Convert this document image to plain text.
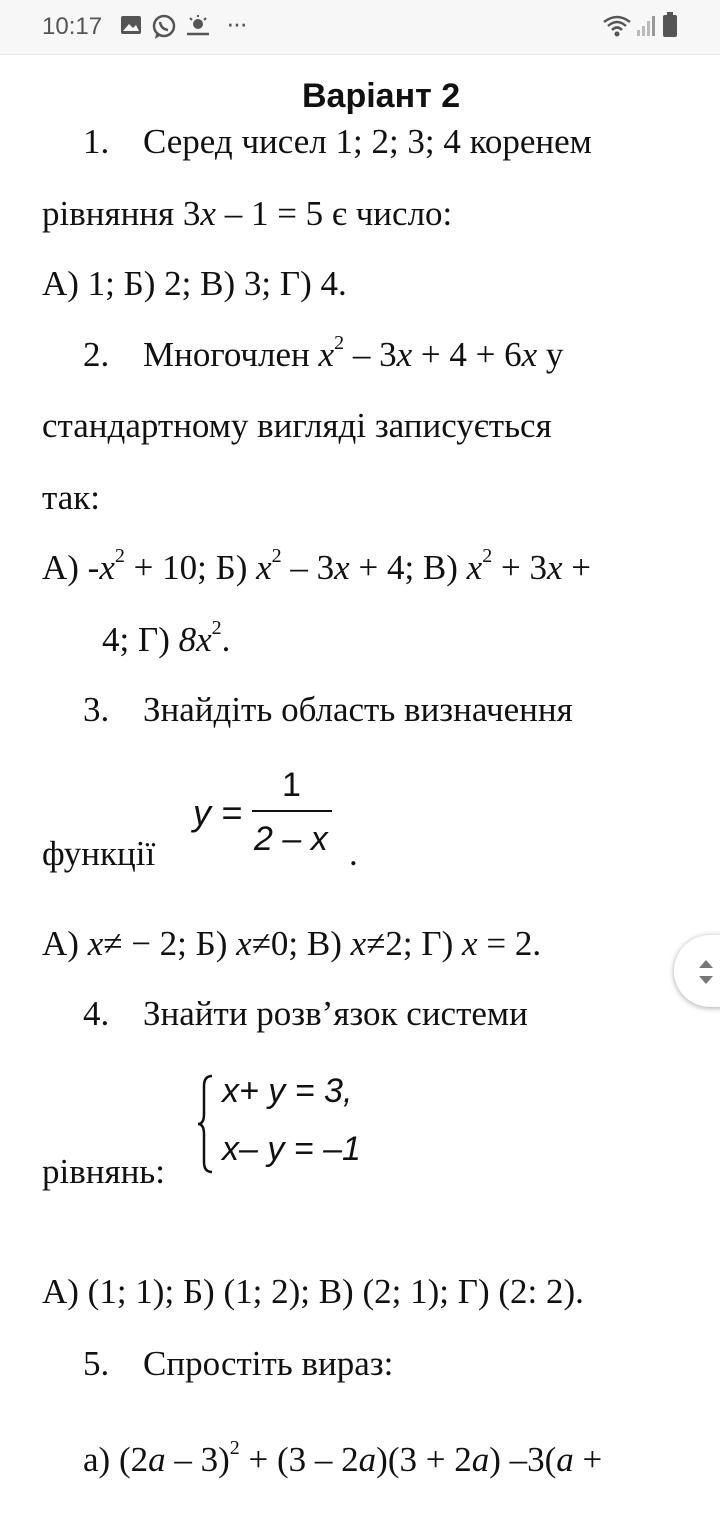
10:17	···
Варіант 2
1. Серед чисел 1; 2; 3; 4 коренем
рівняння 3x – 1 = 5 є число:
А) 1; Б) 2; В) 3; Г) 4.
2. Многочлен $x^2 - 3x + 4 + 6x$ у
стандартному вигляді записується
так:
А) $-x^2 + 10$; Б) $x^2 - 3x + 4$; В) $x^2 + 3x$ +
4; Г) $8x^2$.
3. Знайдіть область визначення
функції
y =
1
2 – x .
А) x≠ − 2; Б) x≠0; В) x≠2; Г) x = 2.
4. Знайти розв’язок системи
рівнянь:
x+ y = 3,
x– y = –1
А) (1; 1); Б) (1; 2); В) (2; 1); Г) (2: 2).
5. Спростіть вираз:
а) (2a – 3)$^2$ + (3 – 2a)(3 + 2a) –3(a +
